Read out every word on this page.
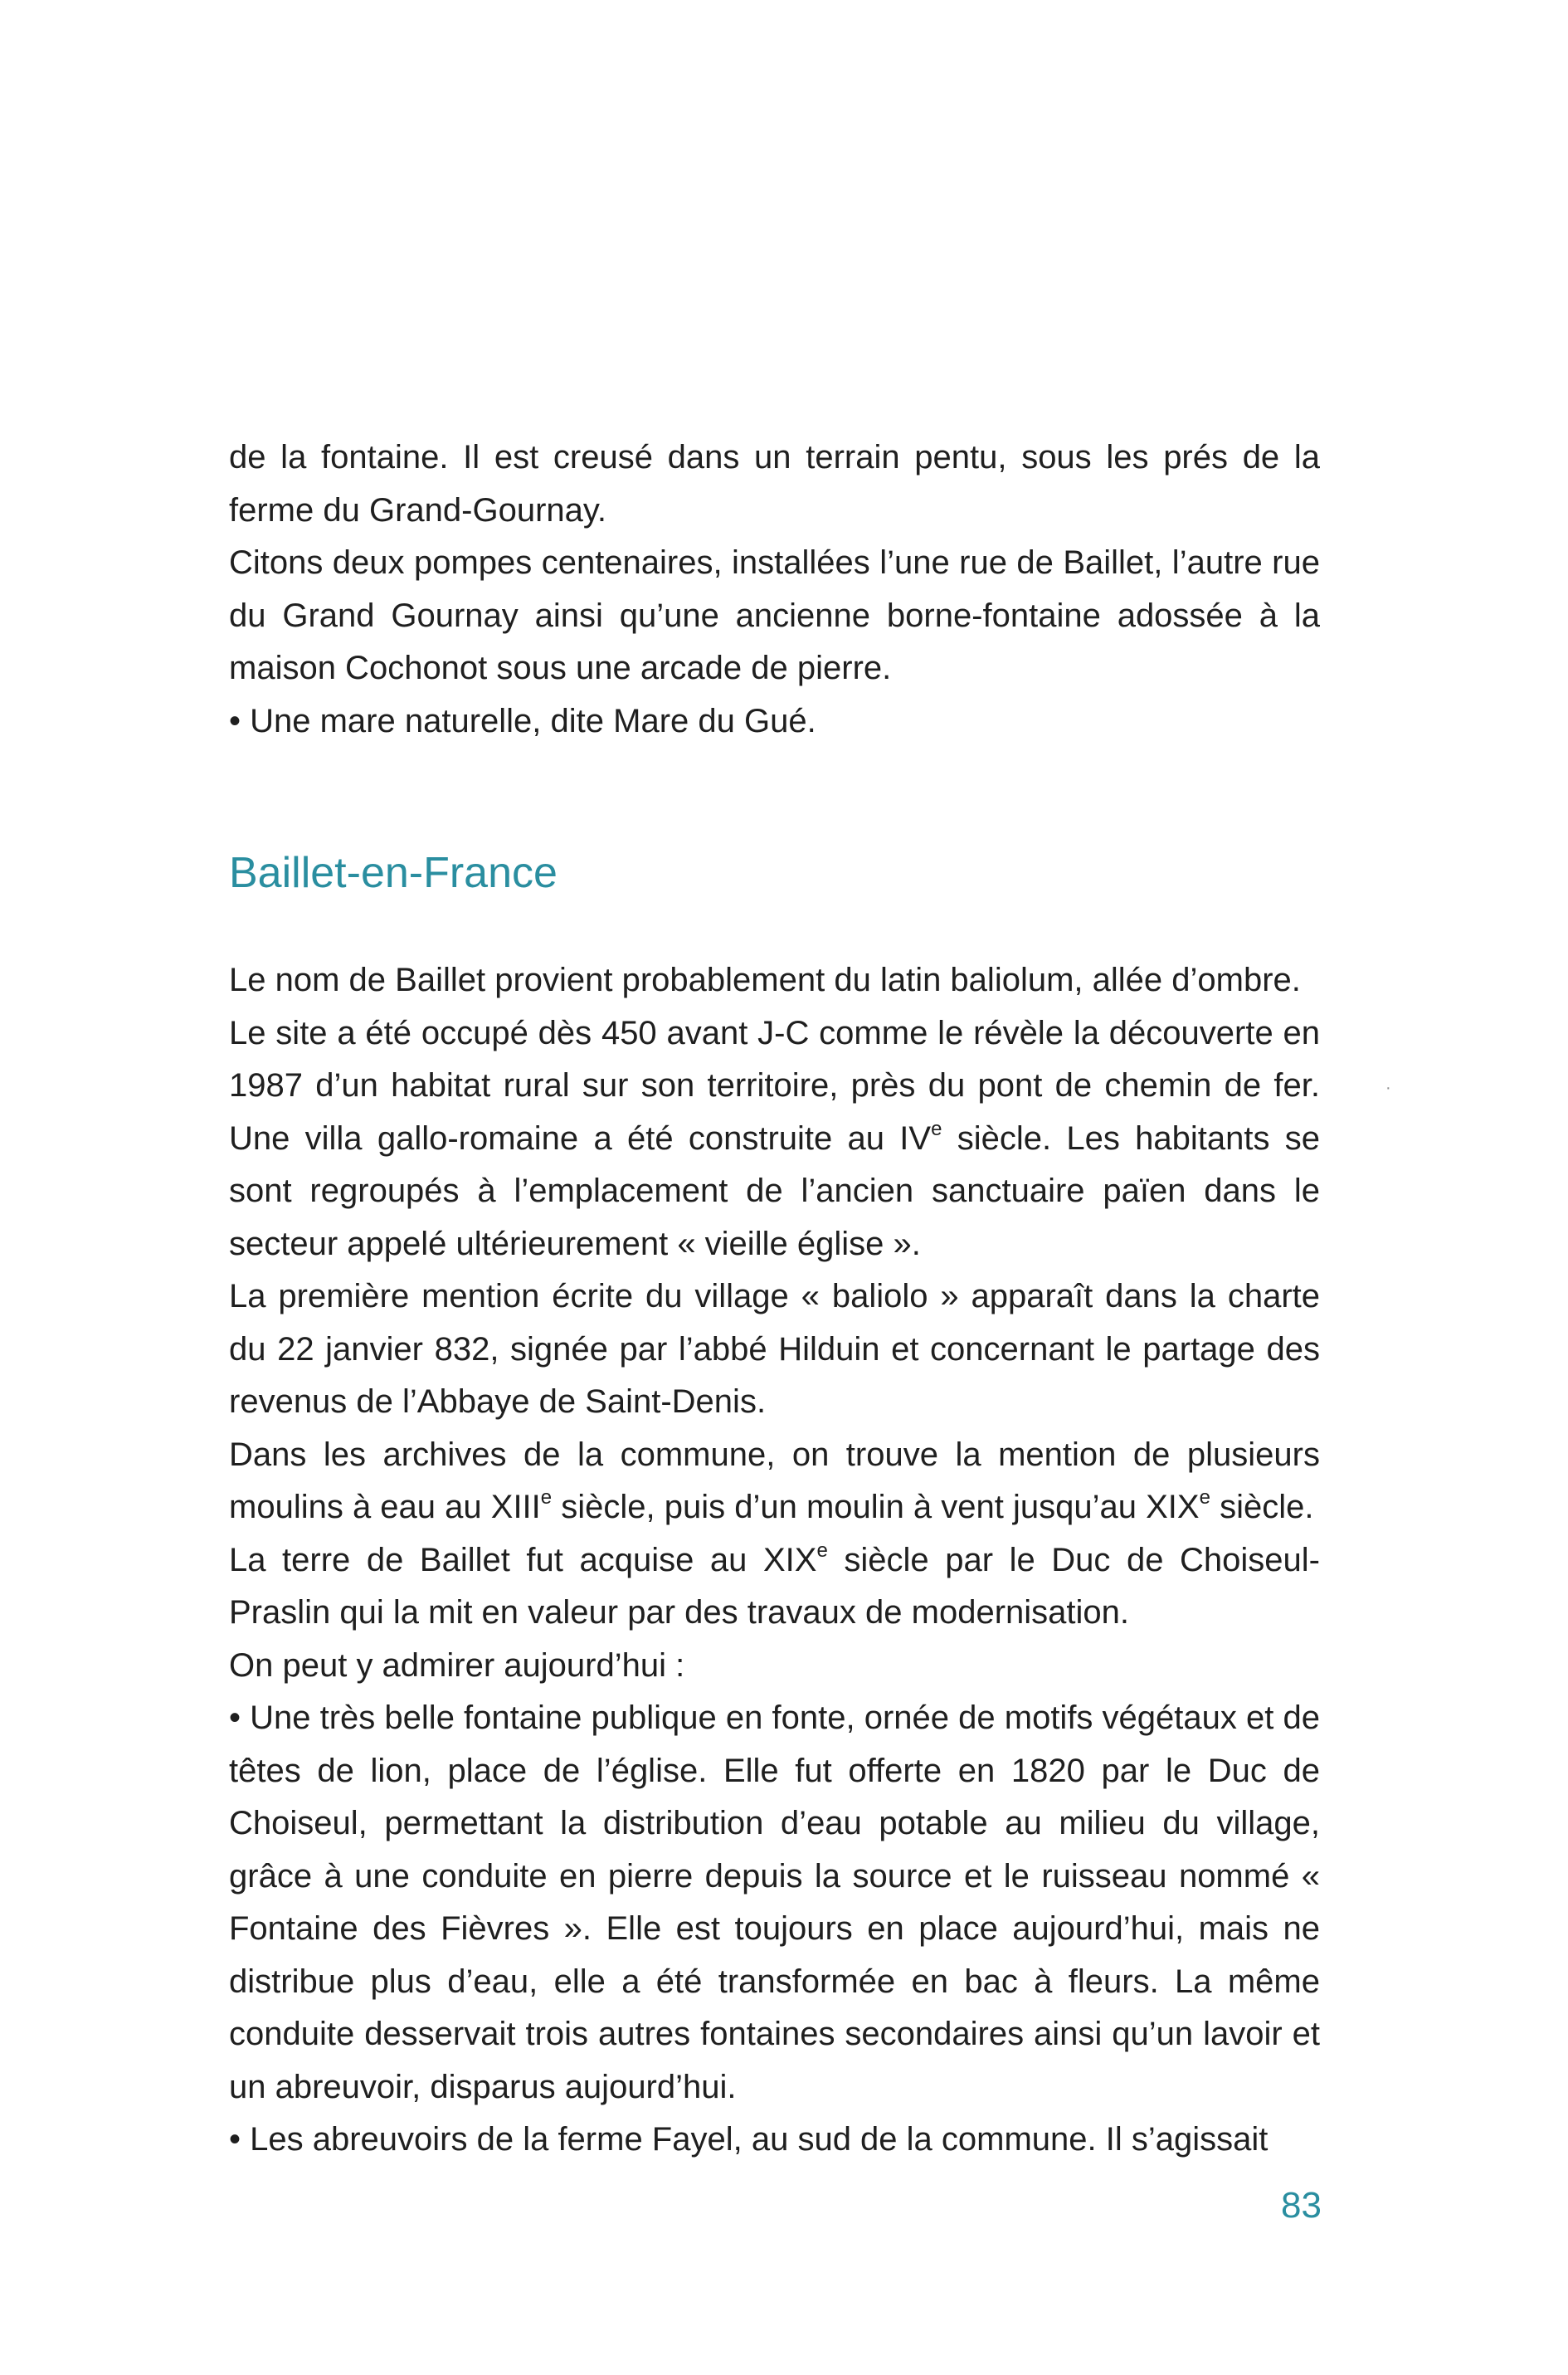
de la fontaine. Il est creusé dans un terrain pentu, sous les prés de la ferme du Grand-Gournay.

Citons deux pompes centenaires, installées l’une rue de Baillet, l’autre rue du Grand Gournay ainsi qu’une ancienne borne-fontaine adossée à la maison Cochonot sous une arcade de pierre.

• Une mare naturelle, dite Mare du Gué.

Baillet-en-France

Le nom de Baillet provient probablement du latin baliolum, allée d’ombre.

Le site a été occupé dès 450 avant J-C comme le révèle la découverte en 1987 d’un habitat rural sur son territoire, près du pont de chemin de fer. Une villa gallo-romaine a été construite au IVe siècle. Les habitants se sont regroupés à l’emplacement de l’ancien sanctuaire païen dans le secteur appelé ultérieurement « vieille église ».

La première mention écrite du village « baliolo » apparaît dans la charte du 22 janvier 832, signée par l’abbé Hilduin et concernant le partage des revenus de l’Abbaye de Saint-Denis.

Dans les archives de la commune, on trouve la mention de plusieurs moulins à eau au XIIIe siècle, puis d’un moulin à vent jusqu’au XIXe siècle.

La terre de Baillet fut acquise au XIXe siècle par le Duc de Choiseul-Praslin qui la mit en valeur par des travaux de modernisation.

On peut y admirer aujourd’hui :

• Une très belle fontaine publique en fonte, ornée de motifs végétaux et de têtes de lion, place de l’église. Elle fut offerte en 1820 par le Duc de Choiseul, permettant la distribution d’eau potable au milieu du village, grâce à une conduite en pierre depuis la source et le ruisseau nommé « Fontaine des Fièvres ». Elle est toujours en place aujourd’hui, mais ne distribue plus d’eau, elle a été transformée en bac à fleurs. La même conduite desservait trois autres fontaines secondaires ainsi qu’un lavoir et un abreuvoir, disparus aujourd’hui.

• Les abreuvoirs de la ferme Fayel, au sud de la commune. Il s’agissait

·
83
